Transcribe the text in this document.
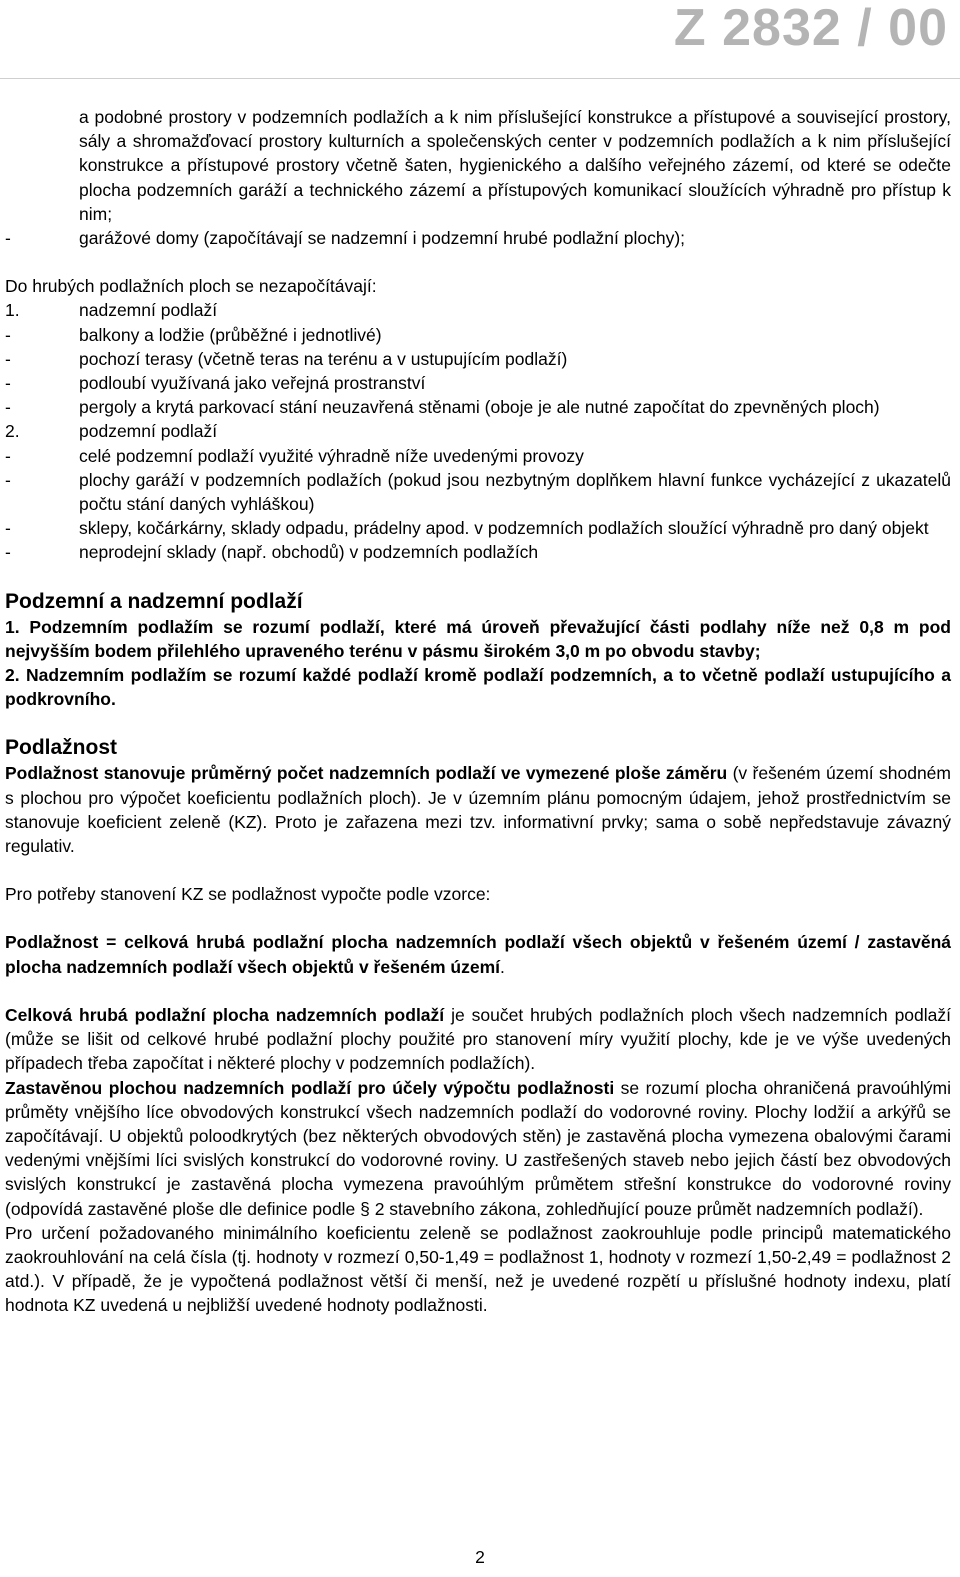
Z 2832 / 00
a podobné prostory v podzemních podlažích a k nim příslušející konstrukce a přístupové a související prostory, sály a shromažďovací prostory kulturních a společenských center v podzemních podlažích a k nim příslušející konstrukce a přístupové prostory včetně šaten, hygienického a dalšího veřejného zázemí, od které se odečte plocha podzemních garáží a technického zázemí a přístupových komunikací sloužících výhradně pro přístup k nim;
-	garážové domy (započítávají se nadzemní i podzemní hrubé podlažní plochy);
Do hrubých podlažních ploch se nezapočítávají:
1.	nadzemní podlaží
-	balkony a lodžie (průběžné i jednotlivé)
-	pochozí terasy (včetně teras na terénu a v ustupujícím podlaží)
-	podloubí využívaná jako veřejná prostranství
-	pergoly a krytá parkovací stání neuzavřená stěnami (oboje je ale nutné započítat do zpevněných ploch)
2.	podzemní podlaží
-	celé podzemní podlaží využité výhradně níže uvedenými provozy
-	plochy garáží v podzemních podlažích (pokud jsou nezbytným doplňkem hlavní funkce vycházející z ukazatelů počtu stání daných vyhláškou)
-	sklepy, kočárkárny, sklady odpadu, prádelny apod. v podzemních podlažích sloužící výhradně pro daný objekt
-	neprodejní sklady (např. obchodů) v podzemních podlažích
Podzemní a nadzemní podlaží
1. Podzemním podlažím se rozumí podlaží, které má úroveň převažující části podlahy níže než 0,8 m pod nejvyšším bodem přilehlého upraveného terénu v pásmu širokém 3,0 m po obvodu stavby;
2. Nadzemním podlažím se rozumí každé podlaží kromě podlaží podzemních, a to včetně podlaží ustupujícího a podkrovního.
Podlažnost
Podlažnost stanovuje průměrný počet nadzemních podlaží ve vymezené ploše záměru (v řešeném území shodném s plochou pro výpočet koeficientu podlažních ploch). Je v územním plánu pomocným údajem, jehož prostřednictvím se stanovuje koeficient zeleně (KZ). Proto je zařazena mezi tzv. informativní prvky; sama o sobě nepředstavuje závazný regulativ.
Pro potřeby stanovení KZ se podlažnost vypočte podle vzorce:
Podlažnost = celková hrubá podlažní plocha nadzemních podlaží všech objektů v řešeném území / zastavěná plocha nadzemních podlaží všech objektů v řešeném území.
Celková hrubá podlažní plocha nadzemních podlaží je součet hrubých podlažních ploch všech nadzemních podlaží (může se lišit od celkové hrubé podlažní plochy použité pro stanovení míry využití plochy, kde je ve výše uvedených případech třeba započítat i některé plochy v podzemních podlažích).
Zastavěnou plochou nadzemních podlaží pro účely výpočtu podlažnosti se rozumí plocha ohraničená pravoúhlými průměty vnějšího líce obvodových konstrukcí všech nadzemních podlaží do vodorovné roviny. Plochy lodžií a arkýřů se započítávají. U objektů poloodkrytých (bez některých obvodových stěn) je zastavěná plocha vymezena obalovými čarami vedenými vnějšími líci svislých konstrukcí do vodorovné roviny. U zastřešených staveb nebo jejich částí bez obvodových svislých konstrukcí je zastavěná plocha vymezena pravoúhlým průmětem střešní konstrukce do vodorovné roviny (odpovídá zastavěné ploše dle definice podle § 2 stavebního zákona, zohledňující pouze průmět nadzemních podlaží).
Pro určení požadovaného minimálního koeficientu zeleně se podlažnost zaokrouhluje podle principů matematického zaokrouhlování na celá čísla (tj. hodnoty v rozmezí 0,50-1,49 = podlažnost 1, hodnoty v rozmezí 1,50-2,49 = podlažnost 2 atd.). V případě, že je vypočtená podlažnost větší či menší, než je uvedené rozpětí u příslušné hodnoty indexu, platí hodnota KZ uvedená u nejbližší uvedené hodnoty podlažnosti.
2
